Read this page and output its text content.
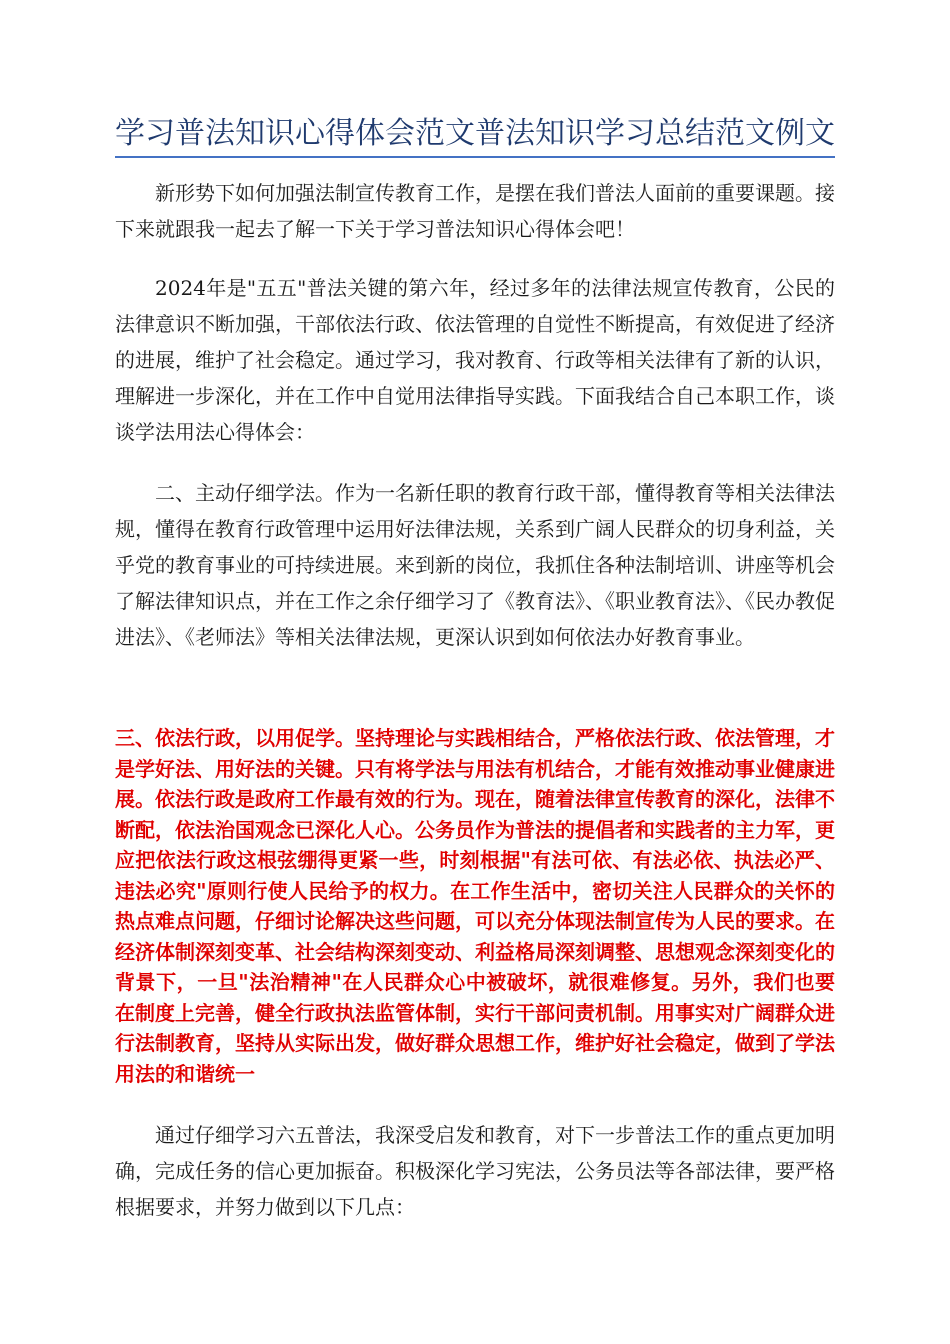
学习普法知识心得体会范文普法知识学习总结范文例文

新形势下如何加强法制宣传教育工作，是摆在我们普法人面前的重要课题。接下来就跟我一起去了解一下关于学习普法知识心得体会吧！

2024年是"五五"普法关键的第六年，经过多年的法律法规宣传教育，公民的法律意识不断加强，干部依法行政、依法管理的自觉性不断提高，有效促进了经济的进展，维护了社会稳定。通过学习，我对教育、行政等相关法律有了新的认识，理解进一步深化，并在工作中自觉用法律指导实践。下面我结合自己本职工作，谈谈学法用法心得体会：

二、主动仔细学法。作为一名新任职的教育行政干部，懂得教育等相关法律法规，懂得在教育行政管理中运用好法律法规，关系到广阔人民群众的切身利益，关乎党的教育事业的可持续进展。来到新的岗位，我抓住各种法制培训、讲座等机会了解法律知识点，并在工作之余仔细学习了《教育法》、《职业教育法》、《民办教促进法》、《老师法》等相关法律法规，更深认识到如何依法办好教育事业。

三、依法行政，以用促学。坚持理论与实践相结合，严格依法行政、依法管理，才是学好法、用好法的关键。只有将学法与用法有机结合，才能有效推动事业健康进展。依法行政是政府工作最有效的行为。现在，随着法律宣传教育的深化，法律不断配，依法治国观念已深化人心。公务员作为普法的提倡者和实践者的主力军，更应把依法行政这根弦绷得更紧一些，时刻根据"有法可依、有法必依、执法必严、违法必究"原则行使人民给予的权力。在工作生活中，密切关注人民群众的关怀的热点难点问题，仔细讨论解决这些问题，可以充分体现法制宣传为人民的要求。在经济体制深刻变革、社会结构深刻变动、利益格局深刻调整、思想观念深刻变化的背景下，一旦"法治精神"在人民群众心中被破坏，就很难修复。另外，我们也要在制度上完善，健全行政执法监管体制，实行干部问责机制。用事实对广阔群众进行法制教育，坚持从实际出发，做好群众思想工作，维护好社会稳定，做到了学法用法的和谐统一

通过仔细学习六五普法，我深受启发和教育，对下一步普法工作的重点更加明确，完成任务的信心更加振奋。积极深化学习宪法，公务员法等各部法律，要严格根据要求，并努力做到以下几点：
